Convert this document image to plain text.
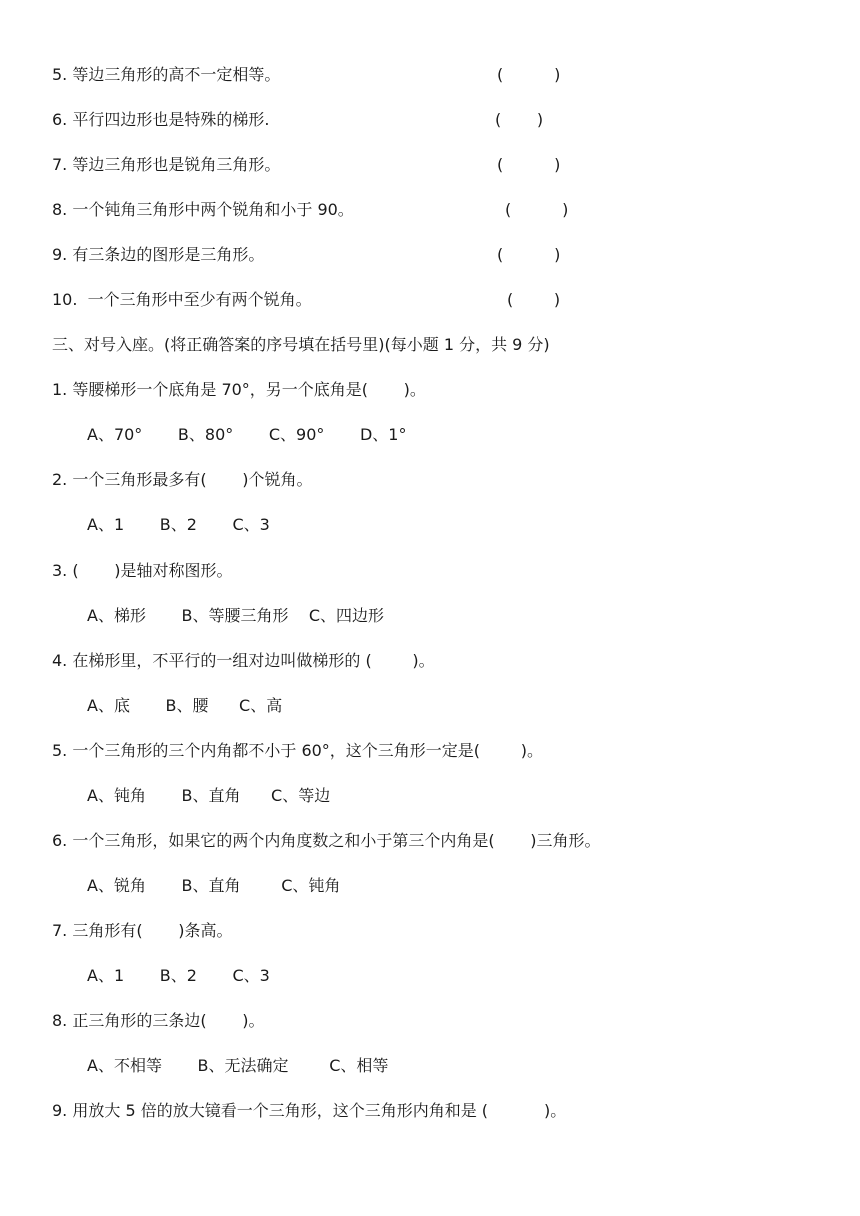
5. 等边三角形的高不一定相等。	(          )
6. 平行四边形也是特殊的梯形.	(       )
7. 等边三角形也是锐角三角形。	(          )
8. 一个钝角三角形中两个锐角和小于 90。	(          )
9. 有三条边的图形是三角形。	(          )
10.  一个三角形中至少有两个锐角。	(        )
三、对号入座。(将正确答案的序号填在括号里)(每小题 1 分，共 9 分)
1. 等腰梯形一个底角是 70°，另一个底角是(       )。
A、70°       B、80°       C、90°       D、1°
2. 一个三角形最多有(       )个锐角。
A、1       B、2       C、3
3. (       )是轴对称图形。
A、梯形       B、等腰三角形    C、四边形
4. 在梯形里，不平行的一组对边叫做梯形的 (        )。
A、底       B、腰      C、高
5. 一个三角形的三个内角都不小于 60°，这个三角形一定是(        )。
A、钝角       B、直角      C、等边
6. 一个三角形，如果它的两个内角度数之和小于第三个内角是(       )三角形。
A、锐角       B、直角        C、钝角
7. 三角形有(       )条高。
A、1       B、2       C、3
8. 正三角形的三条边(       )。
A、不相等       B、无法确定        C、相等
9. 用放大 5 倍的放大镜看一个三角形，这个三角形内角和是 (           )。
